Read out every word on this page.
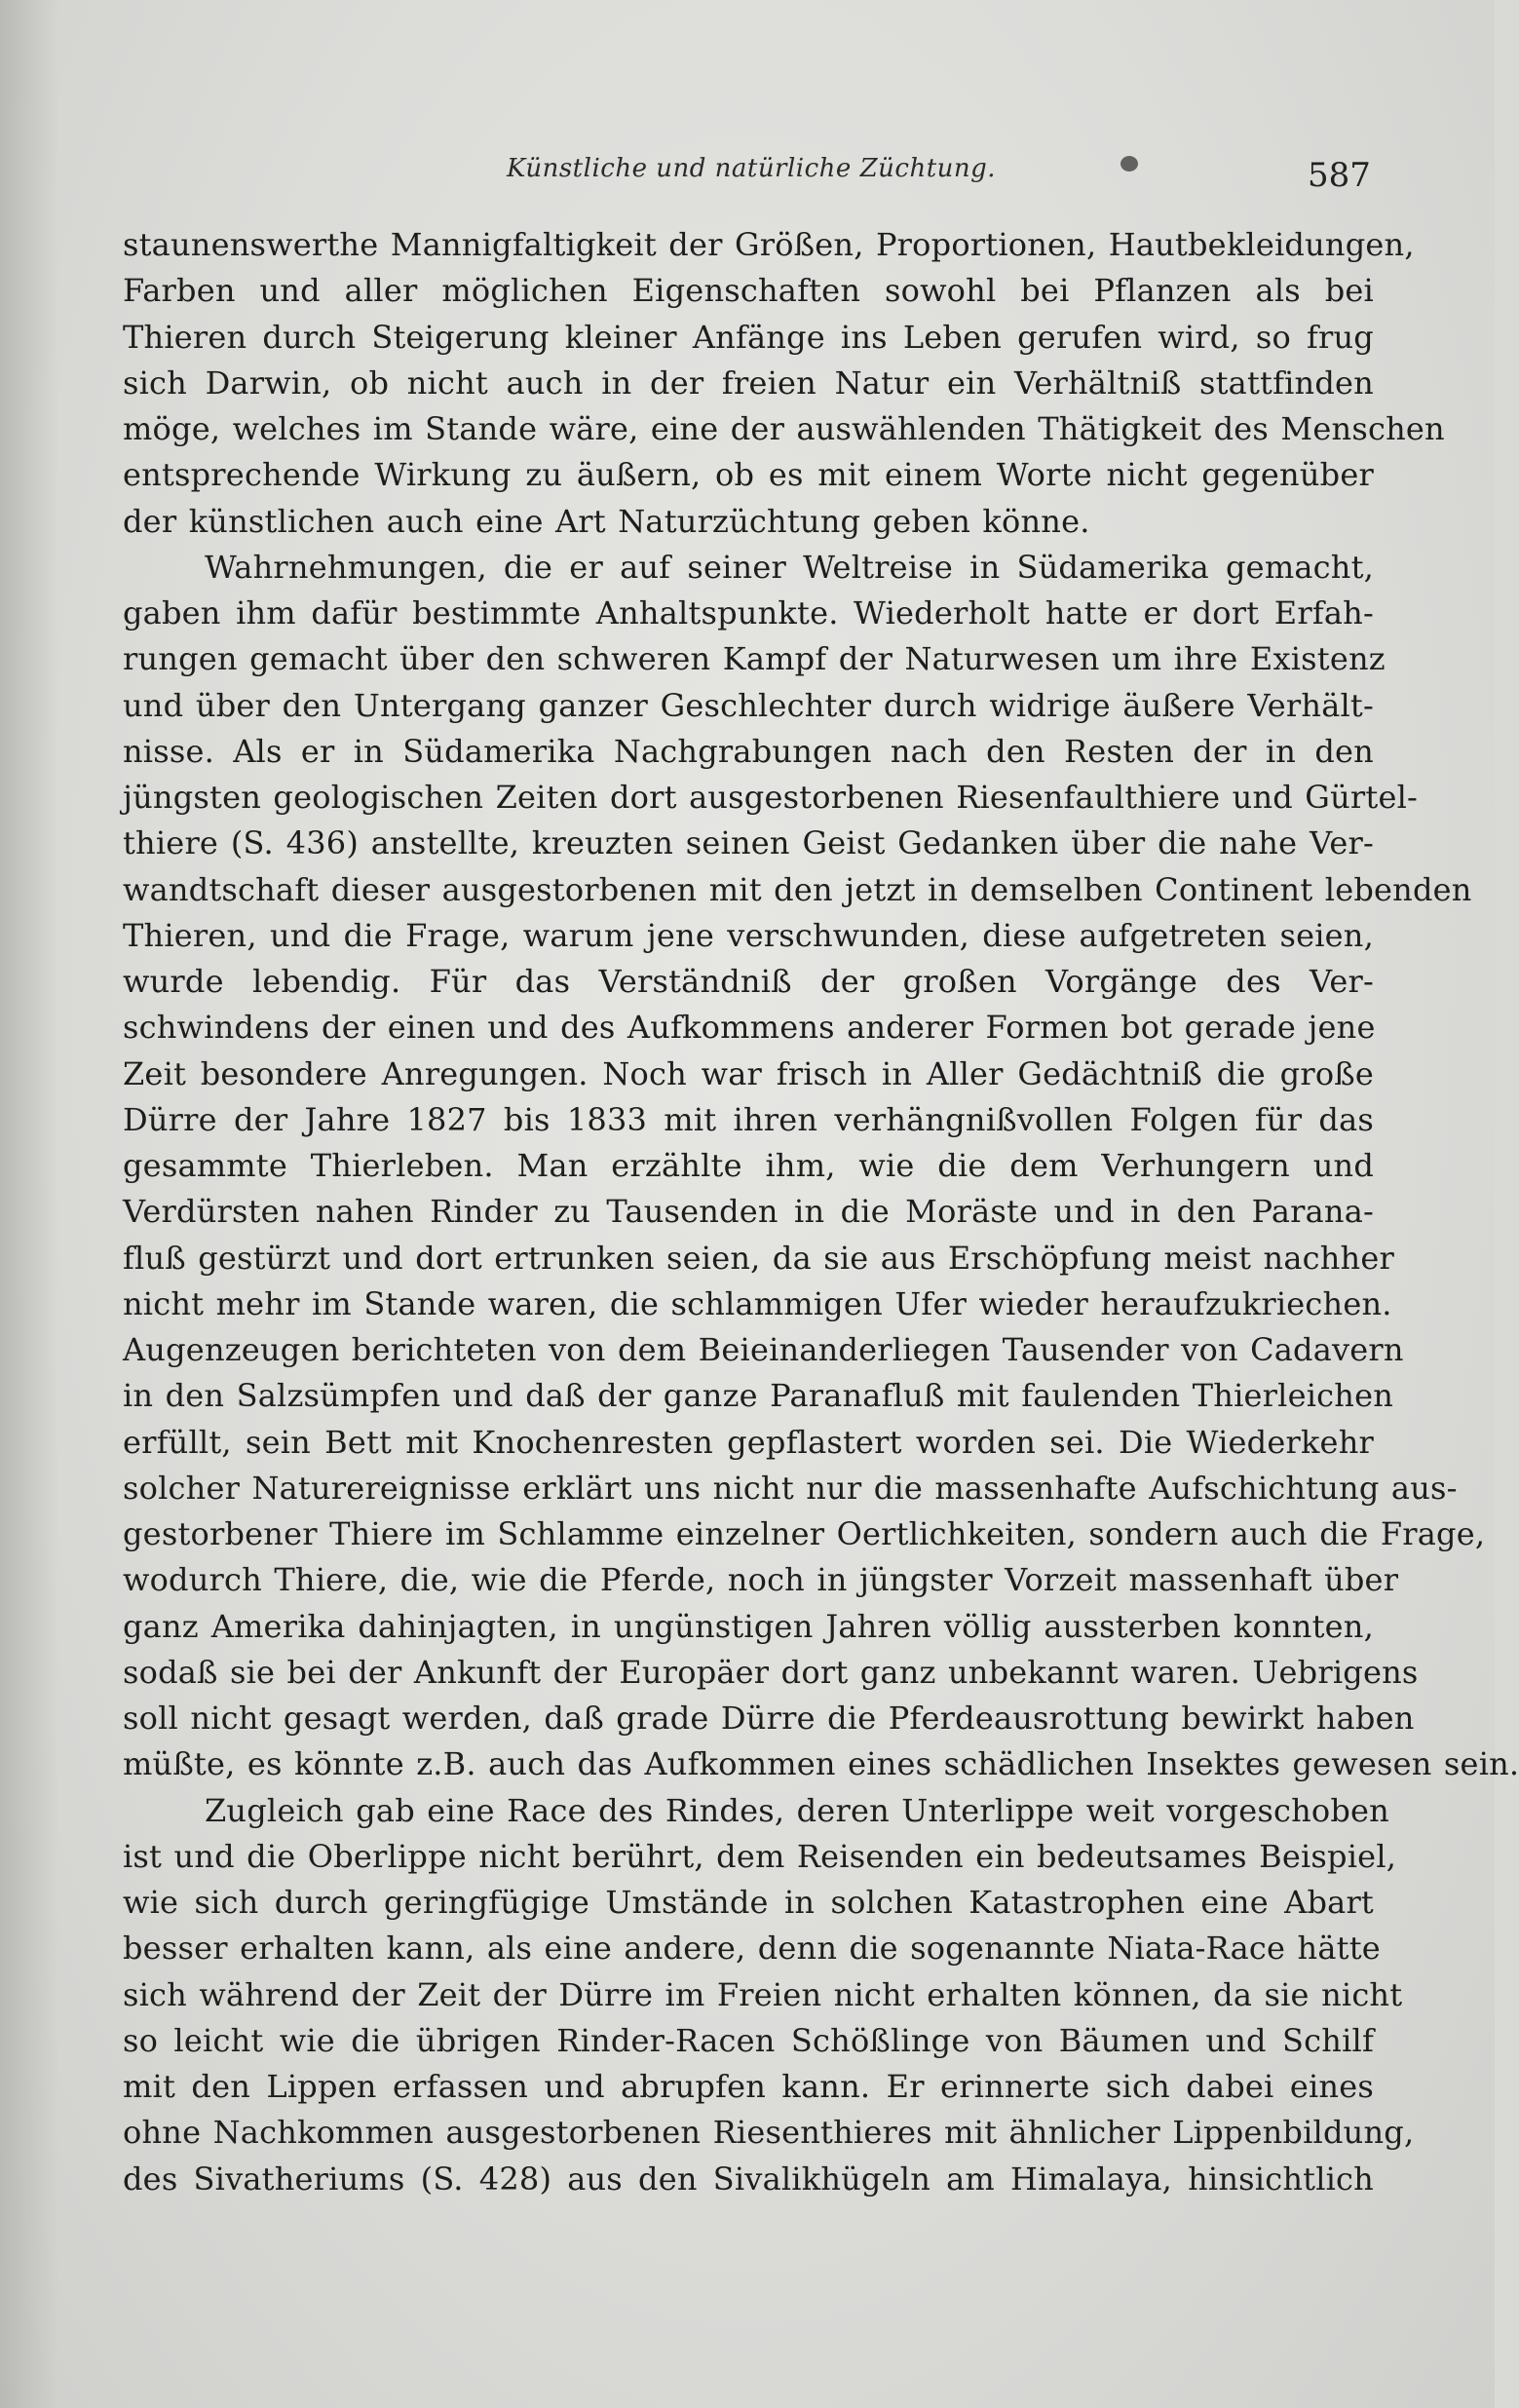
Künstliche und natürliche Züchtung.	587
staunenswerthe Mannigfaltigkeit der Größen, Proportionen, Hautbekleidungen,
Farben und aller möglichen Eigenschaften sowohl bei Pflanzen als bei
Thieren durch Steigerung kleiner Anfänge ins Leben gerufen wird, so frug
sich Darwin, ob nicht auch in der freien Natur ein Verhältniß stattfinden
möge, welches im Stande wäre, eine der auswählenden Thätigkeit des Menschen
entsprechende Wirkung zu äußern, ob es mit einem Worte nicht gegenüber
der künstlichen auch eine Art Naturzüchtung geben könne.
Wahrnehmungen, die er auf seiner Weltreise in Südamerika gemacht,
gaben ihm dafür bestimmte Anhaltspunkte. Wiederholt hatte er dort Erfah-
rungen gemacht über den schweren Kampf der Naturwesen um ihre Existenz
und über den Untergang ganzer Geschlechter durch widrige äußere Verhält-
nisse. Als er in Südamerika Nachgrabungen nach den Resten der in den
jüngsten geologischen Zeiten dort ausgestorbenen Riesenfaulthiere und Gürtel-
thiere (S. 436) anstellte, kreuzten seinen Geist Gedanken über die nahe Ver-
wandtschaft dieser ausgestorbenen mit den jetzt in demselben Continent lebenden
Thieren, und die Frage, warum jene verschwunden, diese aufgetreten seien,
wurde lebendig. Für das Verständniß der großen Vorgänge des Ver-
schwindens der einen und des Aufkommens anderer Formen bot gerade jene
Zeit besondere Anregungen. Noch war frisch in Aller Gedächtniß die große
Dürre der Jahre 1827 bis 1833 mit ihren verhängnißvollen Folgen für das
gesammte Thierleben. Man erzählte ihm, wie die dem Verhungern und
Verdürsten nahen Rinder zu Tausenden in die Moräste und in den Parana-
fluß gestürzt und dort ertrunken seien, da sie aus Erschöpfung meist nachher
nicht mehr im Stande waren, die schlammigen Ufer wieder heraufzukriechen.
Augenzeugen berichteten von dem Beieinanderliegen Tausender von Cadavern
in den Salzsümpfen und daß der ganze Paranafluß mit faulenden Thierleichen
erfüllt, sein Bett mit Knochenresten gepflastert worden sei. Die Wiederkehr
solcher Naturereignisse erklärt uns nicht nur die massenhafte Aufschichtung aus-
gestorbener Thiere im Schlamme einzelner Oertlichkeiten, sondern auch die Frage,
wodurch Thiere, die, wie die Pferde, noch in jüngster Vorzeit massenhaft über
ganz Amerika dahinjagten, in ungünstigen Jahren völlig aussterben konnten,
sodaß sie bei der Ankunft der Europäer dort ganz unbekannt waren. Uebrigens
soll nicht gesagt werden, daß grade Dürre die Pferdeausrottung bewirkt haben
müßte, es könnte z.B. auch das Aufkommen eines schädlichen Insektes gewesen sein.
Zugleich gab eine Race des Rindes, deren Unterlippe weit vorgeschoben
ist und die Oberlippe nicht berührt, dem Reisenden ein bedeutsames Beispiel,
wie sich durch geringfügige Umstände in solchen Katastrophen eine Abart
besser erhalten kann, als eine andere, denn die sogenannte Niata-Race hätte
sich während der Zeit der Dürre im Freien nicht erhalten können, da sie nicht
so leicht wie die übrigen Rinder-Racen Schößlinge von Bäumen und Schilf
mit den Lippen erfassen und abrupfen kann. Er erinnerte sich dabei eines
ohne Nachkommen ausgestorbenen Riesenthieres mit ähnlicher Lippenbildung,
des Sivatheriums (S. 428) aus den Sivalikhügeln am Himalaya, hinsichtlich
